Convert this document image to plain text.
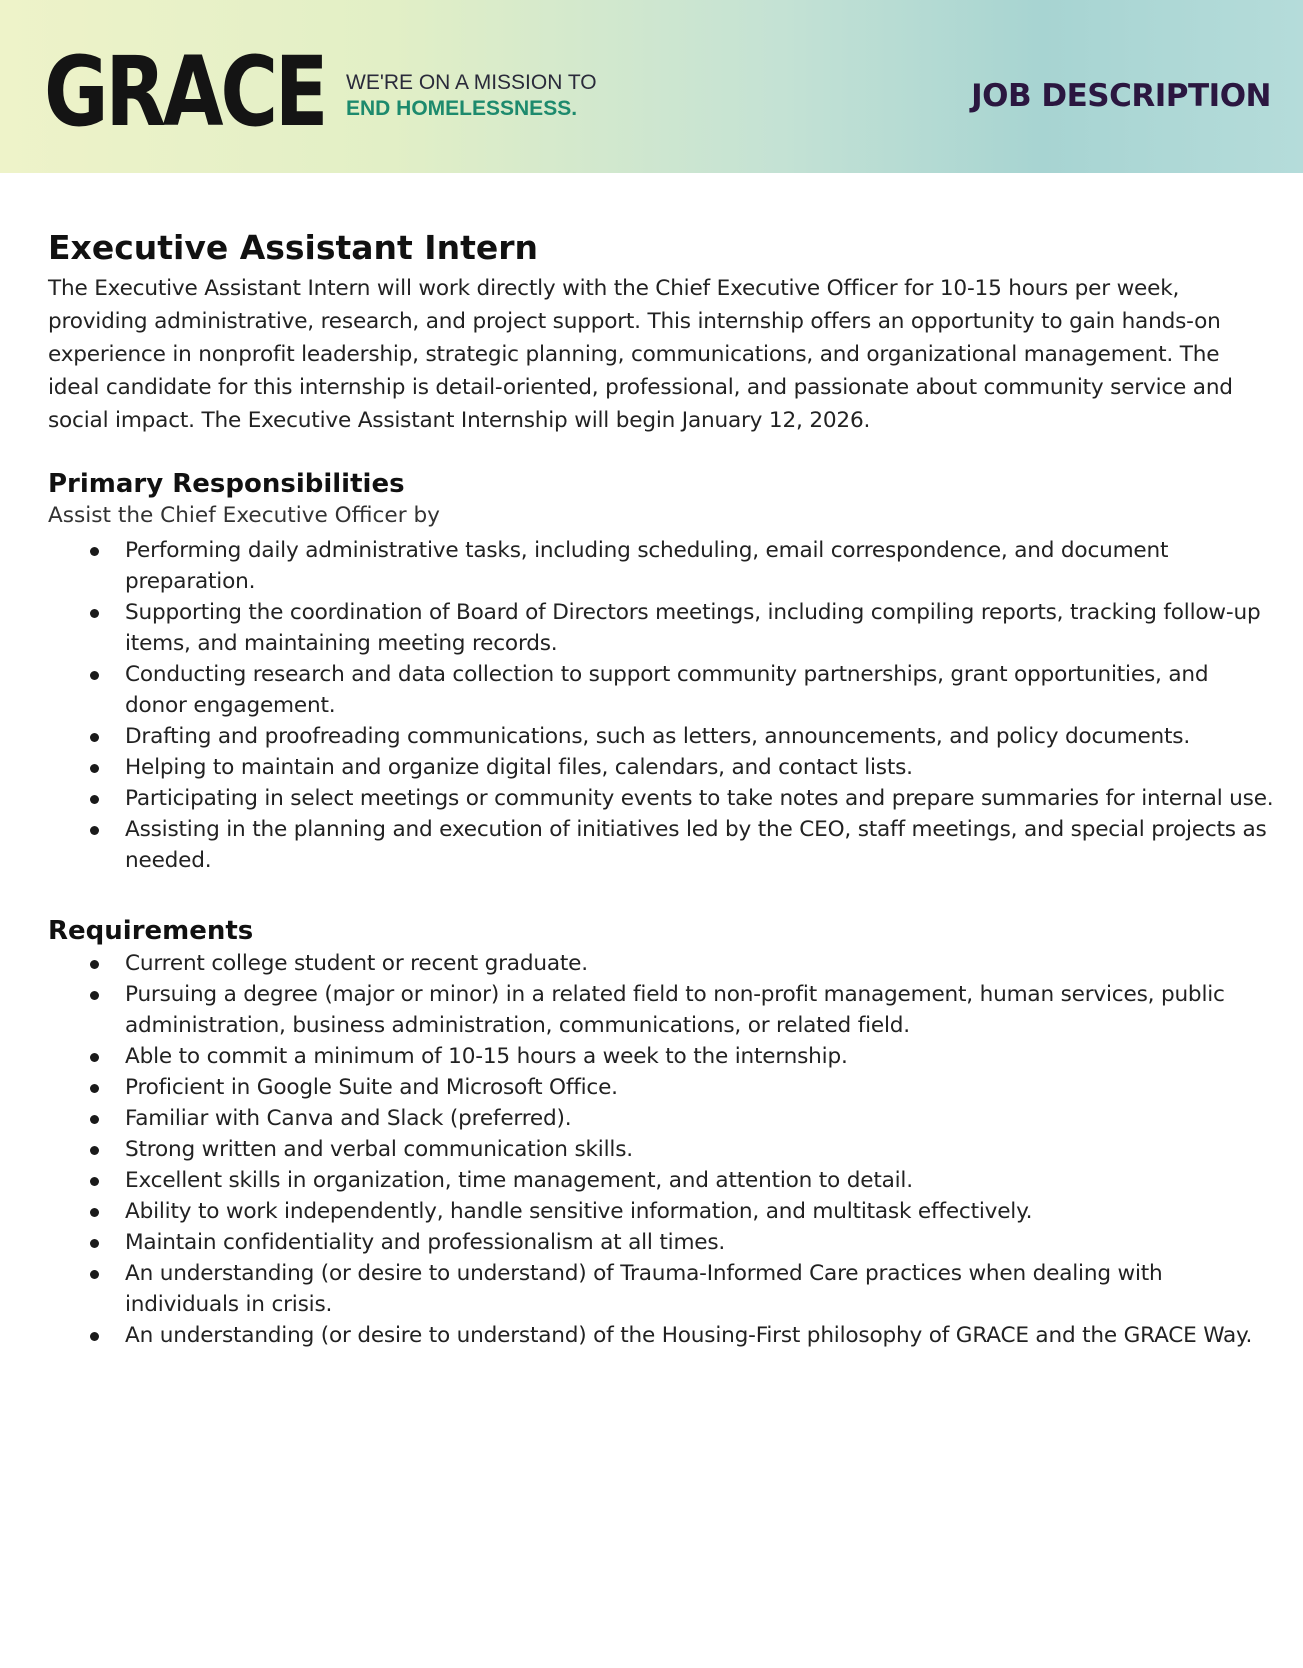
GRACE WE'RE ON A MISSION TO
END HOMELESSNESS.	JOB DESCRIPTION
Executive Assistant Intern

The Executive Assistant Intern will work directly with the Chief Executive Officer for 10-15 hours per week, providing administrative, research, and project support. This internship offers an opportunity to gain hands-on experience in nonprofit leadership, strategic planning, communications, and organizational management. The ideal candidate for this internship is detail-oriented, professional, and passionate about community service and social impact. The Executive Assistant Internship will begin January 12, 2026.

Primary Responsibilities
Assist the Chief Executive Officer by
Performing daily administrative tasks, including scheduling, email correspondence, and document preparation.
Supporting the coordination of Board of Directors meetings, including compiling reports, tracking follow-up items, and maintaining meeting records.
Conducting research and data collection to support community partnerships, grant opportunities, and donor engagement.
Drafting and proofreading communications, such as letters, announcements, and policy documents.
Helping to maintain and organize digital files, calendars, and contact lists.
Participating in select meetings or community events to take notes and prepare summaries for internal use.
Assisting in the planning and execution of initiatives led by the CEO, staff meetings, and special projects as needed.
Requirements
Current college student or recent graduate.
Pursuing a degree (major or minor) in a related field to non-profit management, human services, public administration, business administration, communications, or related field.
Able to commit a minimum of 10-15 hours a week to the internship.
Proficient in Google Suite and Microsoft Office.
Familiar with Canva and Slack (preferred).
Strong written and verbal communication skills.
Excellent skills in organization, time management, and attention to detail.
Ability to work independently, handle sensitive information, and multitask effectively.
Maintain confidentiality and professionalism at all times.
An understanding (or desire to understand) of Trauma-Informed Care practices when dealing with individuals in crisis.
An understanding (or desire to understand) of the Housing-First philosophy of GRACE and the GRACE Way.
